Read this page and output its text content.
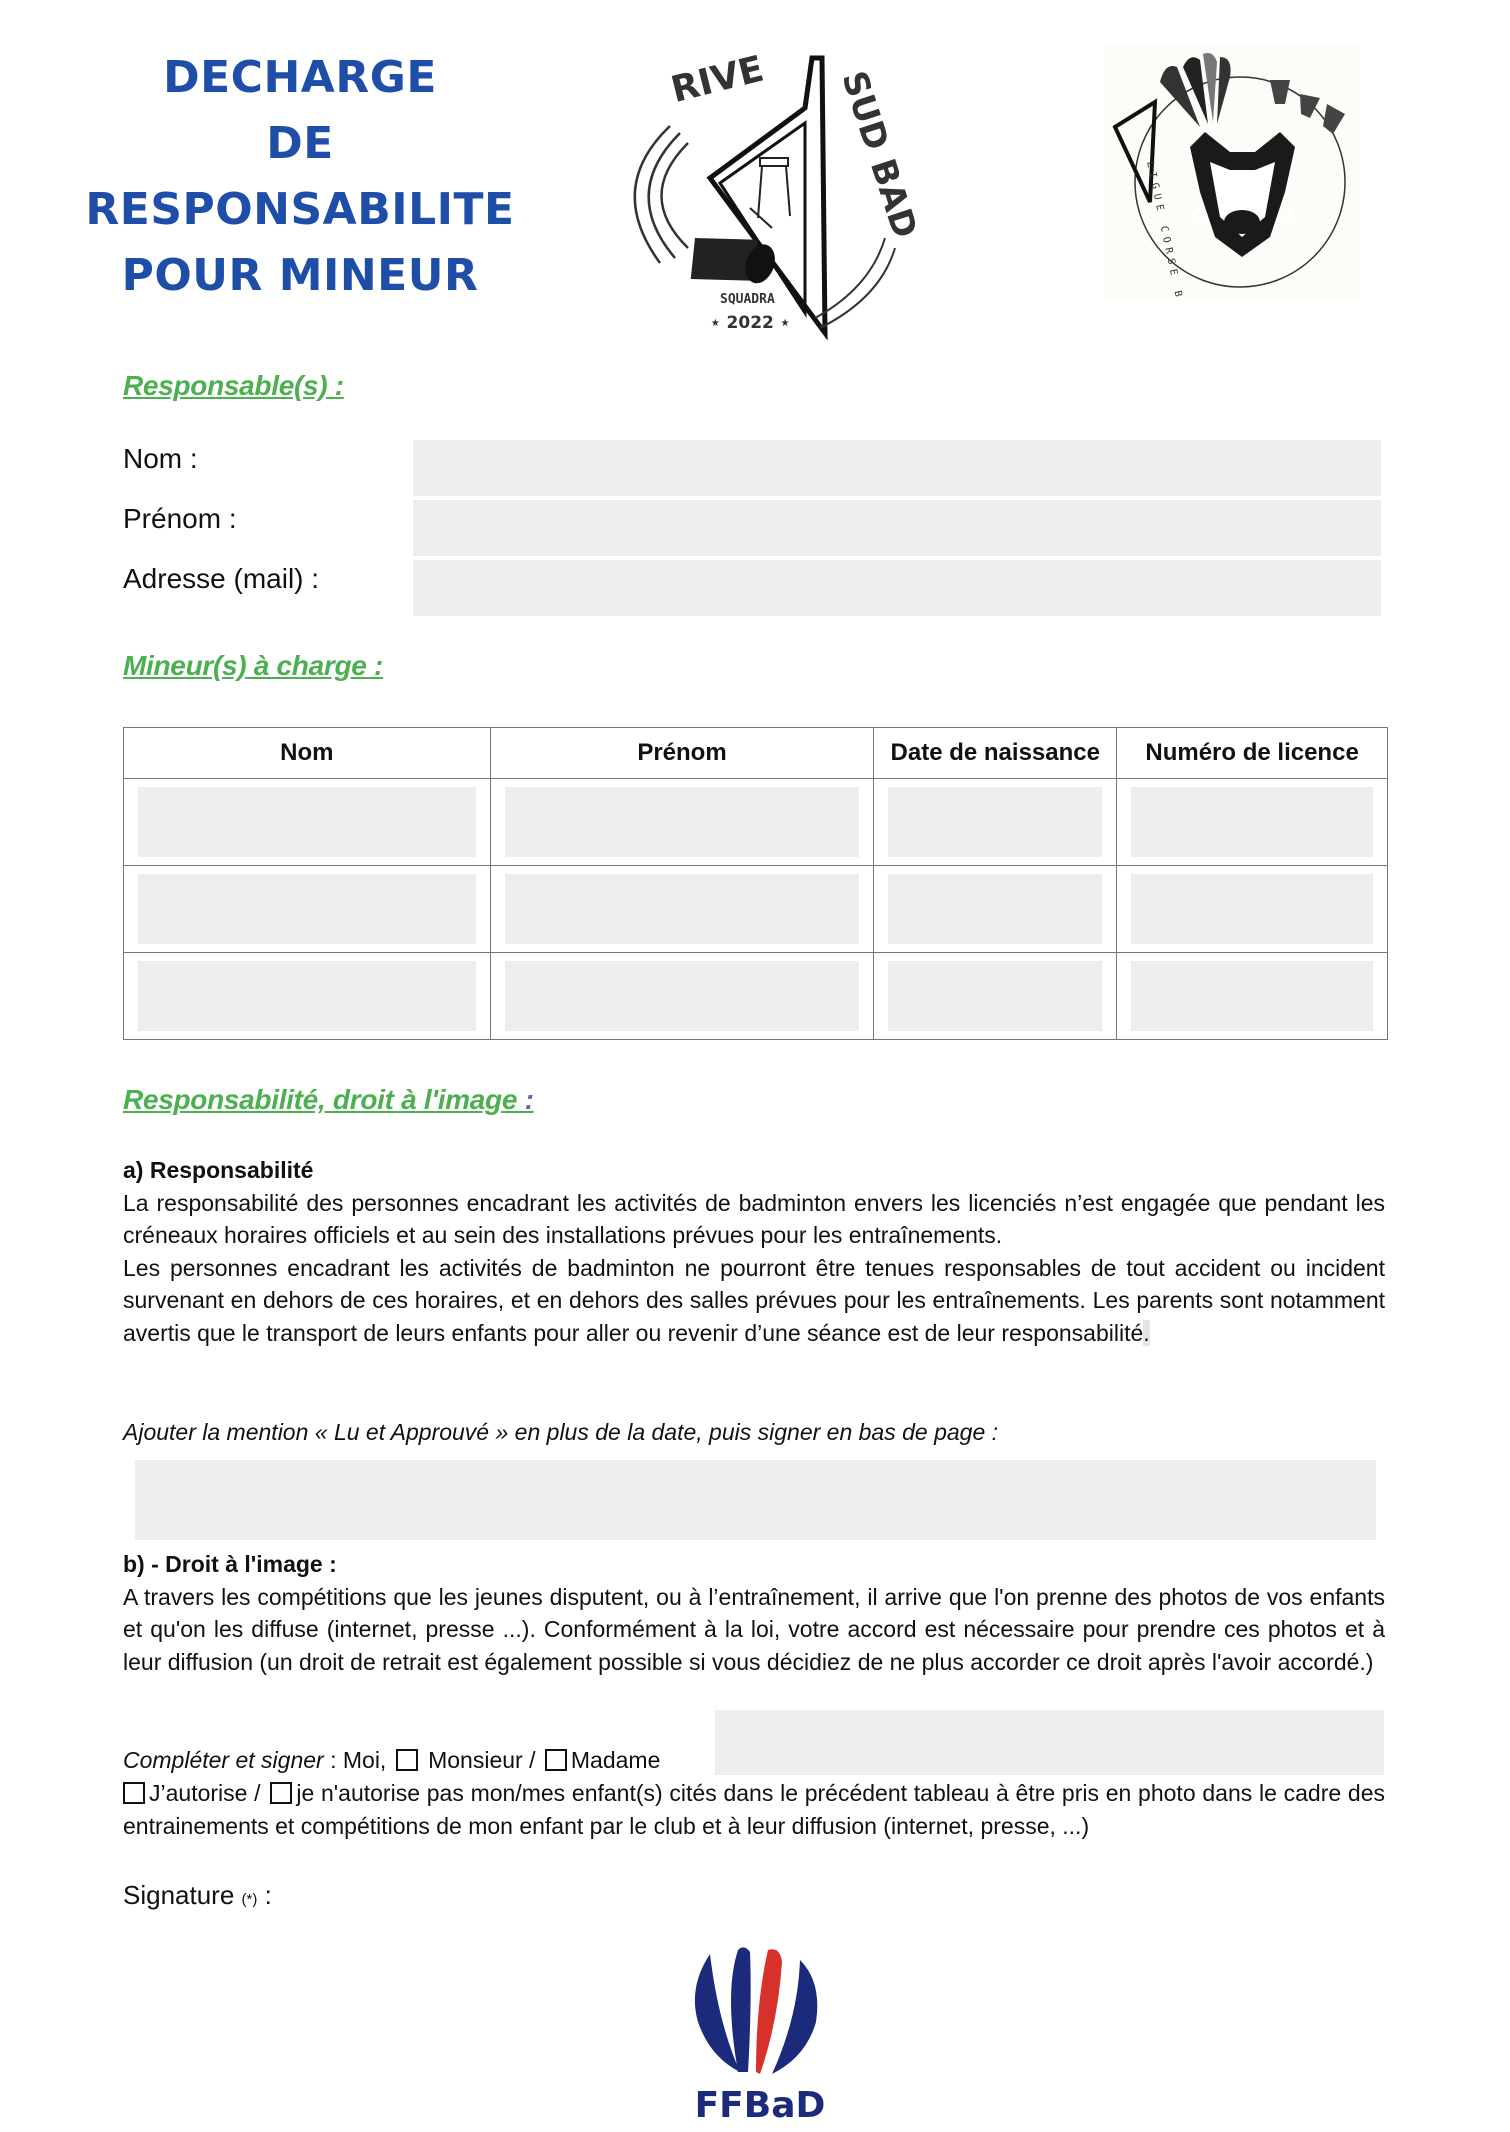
DECHARGE
DE
RESPONSABILITE
POUR MINEUR
RIVE SUD BAD
SQUADRA
⋆ 2022 ⋆	LIGUE CORSE BADMINTON
Responsable(s) :
Nom :
Prénom :
Adresse (mail) :
Mineur(s) à charge :
Nom	Prénom	Date de naissance	Numéro de licence

Responsabilité, droit à l'image :
a) Responsabilité
La responsabilité des personnes encadrant les activités de badminton envers les licenciés n’est engagée que pendant les créneaux horaires officiels et au sein des installations prévues pour les entraînements.
Les personnes encadrant les activités de badminton ne pourront être tenues responsables de tout accident ou incident survenant en dehors de ces horaires, et en dehors des salles prévues pour les entraînements. Les parents sont notamment avertis que le transport de leurs enfants pour aller ou revenir d’une séance est de leur responsabilité.
Ajouter la mention « Lu et Approuvé » en plus de la date, puis signer en bas de page :
b) - Droit à l'image :
A travers les compétitions que les jeunes disputent, ou à l’entraînement, il arrive que l'on prenne des photos de vos enfants et qu'on les diffuse (internet, presse ...). Conformément à la loi, votre accord est nécessaire pour prendre ces photos et à leur diffusion (un droit de retrait est également possible si vous décidiez de ne plus accorder ce droit après l'avoir accordé.)
Compléter et signer : Moi,  Monsieur / Madame
J’autorise / je n'autorise pas mon/mes enfant(s) cités dans le précédent tableau à être pris en photo dans le cadre des entrainements et compétitions de mon enfant par le club et à leur diffusion (internet, presse, ...)
Signature (*) :
FFBaD
